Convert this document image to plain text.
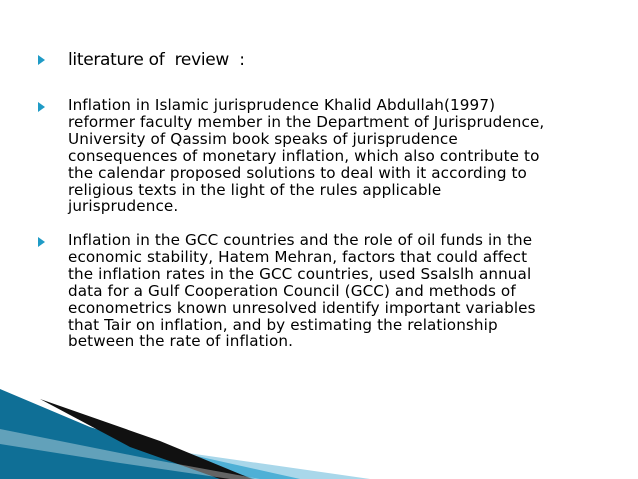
literature of  review  :
Inflation in Islamic jurisprudence Khalid Abdullah(1997)
reformer faculty member in the Department of Jurisprudence,
University of Qassim book speaks of jurisprudence
consequences of monetary inflation, which also contribute to
the calendar proposed solutions to deal with it according to
religious texts in the light of the rules applicable
jurisprudence.
Inflation in the GCC countries and the role of oil funds in the
economic stability, Hatem Mehran, factors that could affect
the inflation rates in the GCC countries, used Ssalslh annual
data for a Gulf Cooperation Council (GCC) and methods of
econometrics known unresolved identify important variables
that Tair on inflation, and by estimating the relationship
between the rate of inflation.
